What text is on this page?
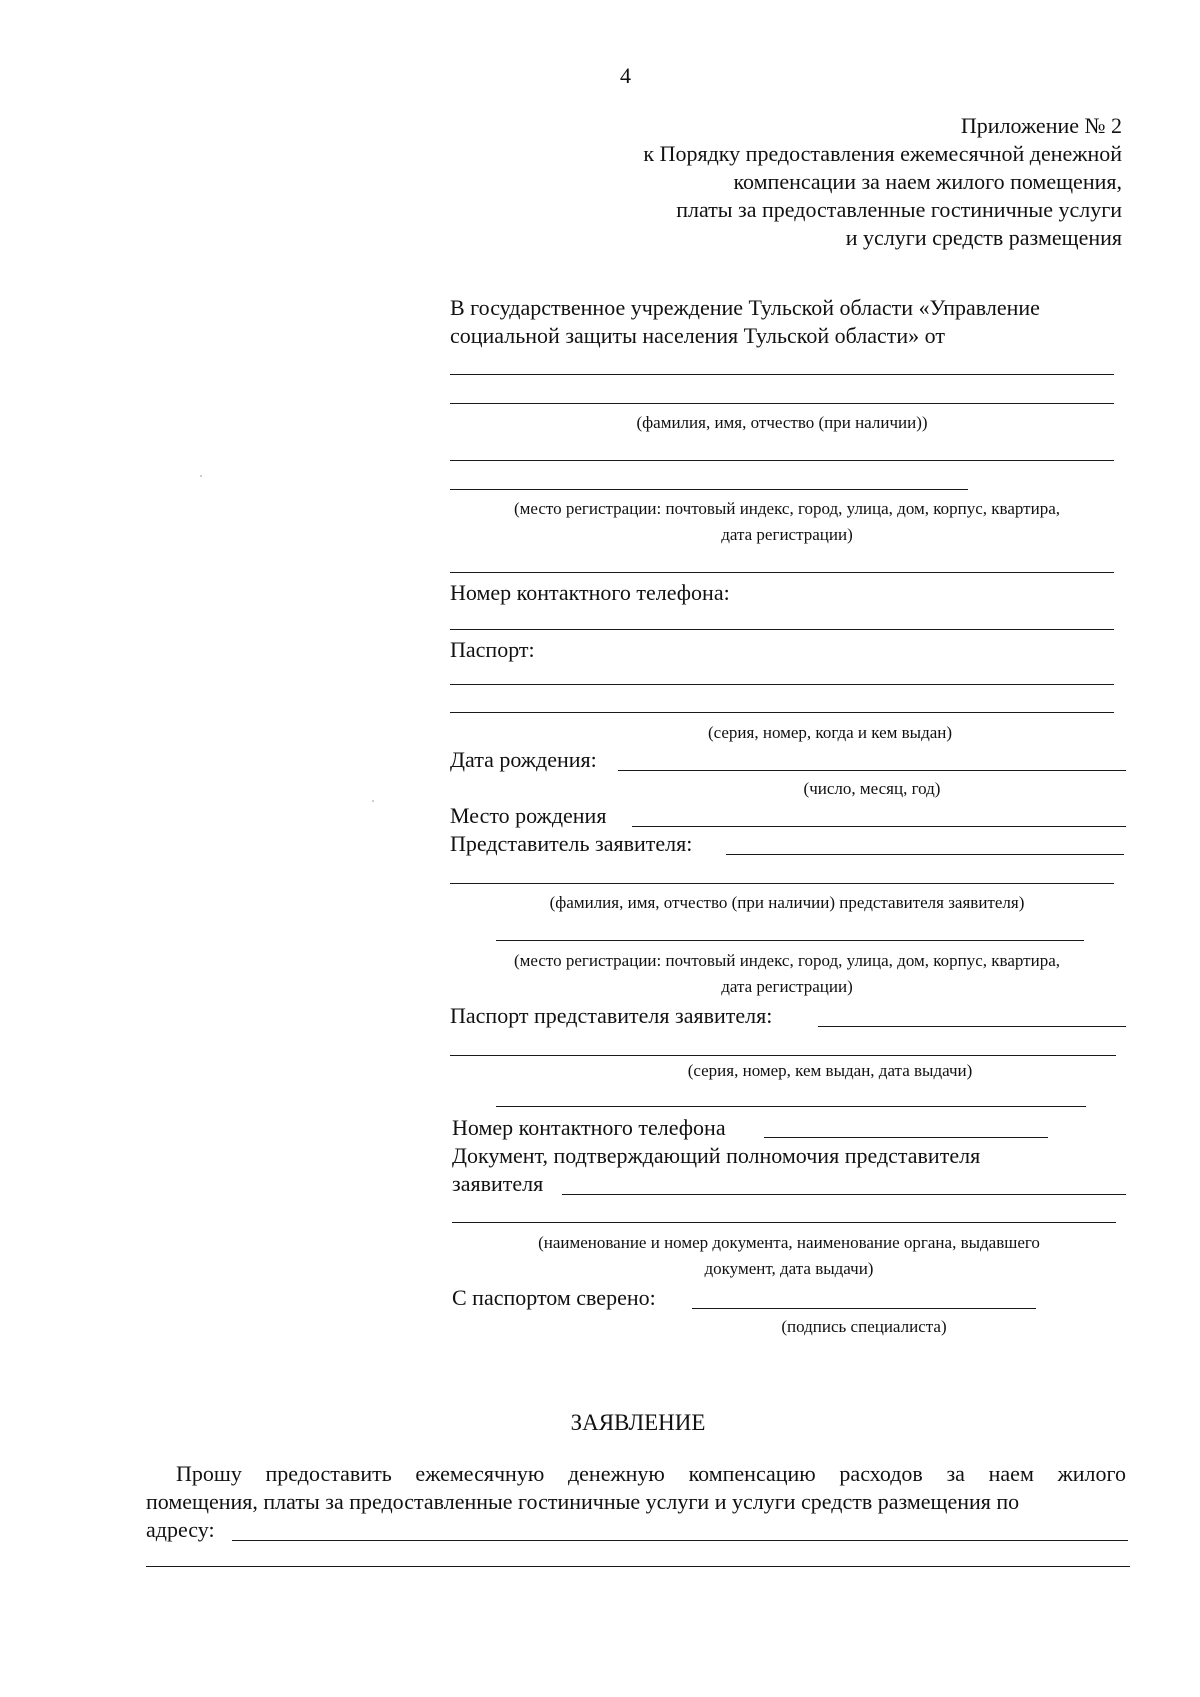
4
Приложение № 2
к Порядку предоставления ежемесячной денежной
компенсации за наем жилого помещения,
платы за предоставленные гостиничные услуги
и услуги средств размещения
В государственное учреждение Тульской области «Управление
социальной защиты населения Тульской области» от
(фамилия, имя, отчество (при наличии))
(место регистрации: почтовый индекс, город, улица, дом, корпус, квартира,
дата регистрации)
Номер контактного телефона:
Паспорт:
(серия, номер, когда и кем выдан)
Дата рождения:
(число, месяц, год)
Место рождения
Представитель заявителя:
(фамилия, имя, отчество (при наличии) представителя заявителя)
(место регистрации: почтовый индекс, город, улица, дом, корпус, квартира,
дата регистрации)
Паспорт представителя заявителя:
(серия, номер, кем выдан, дата выдачи)
Номер контактного телефона
Документ, подтверждающий полномочия представителя
заявителя
(наименование и номер документа, наименование органа, выдавшего
документ, дата выдачи)
С паспортом сверено:
(подпись специалиста)
ЗАЯВЛЕНИЕ
Прошу предоставить ежемесячную денежную компенсацию расходов за наем жилого
помещения, платы за предоставленные гостиничные услуги и услуги средств размещения по
адресу:
